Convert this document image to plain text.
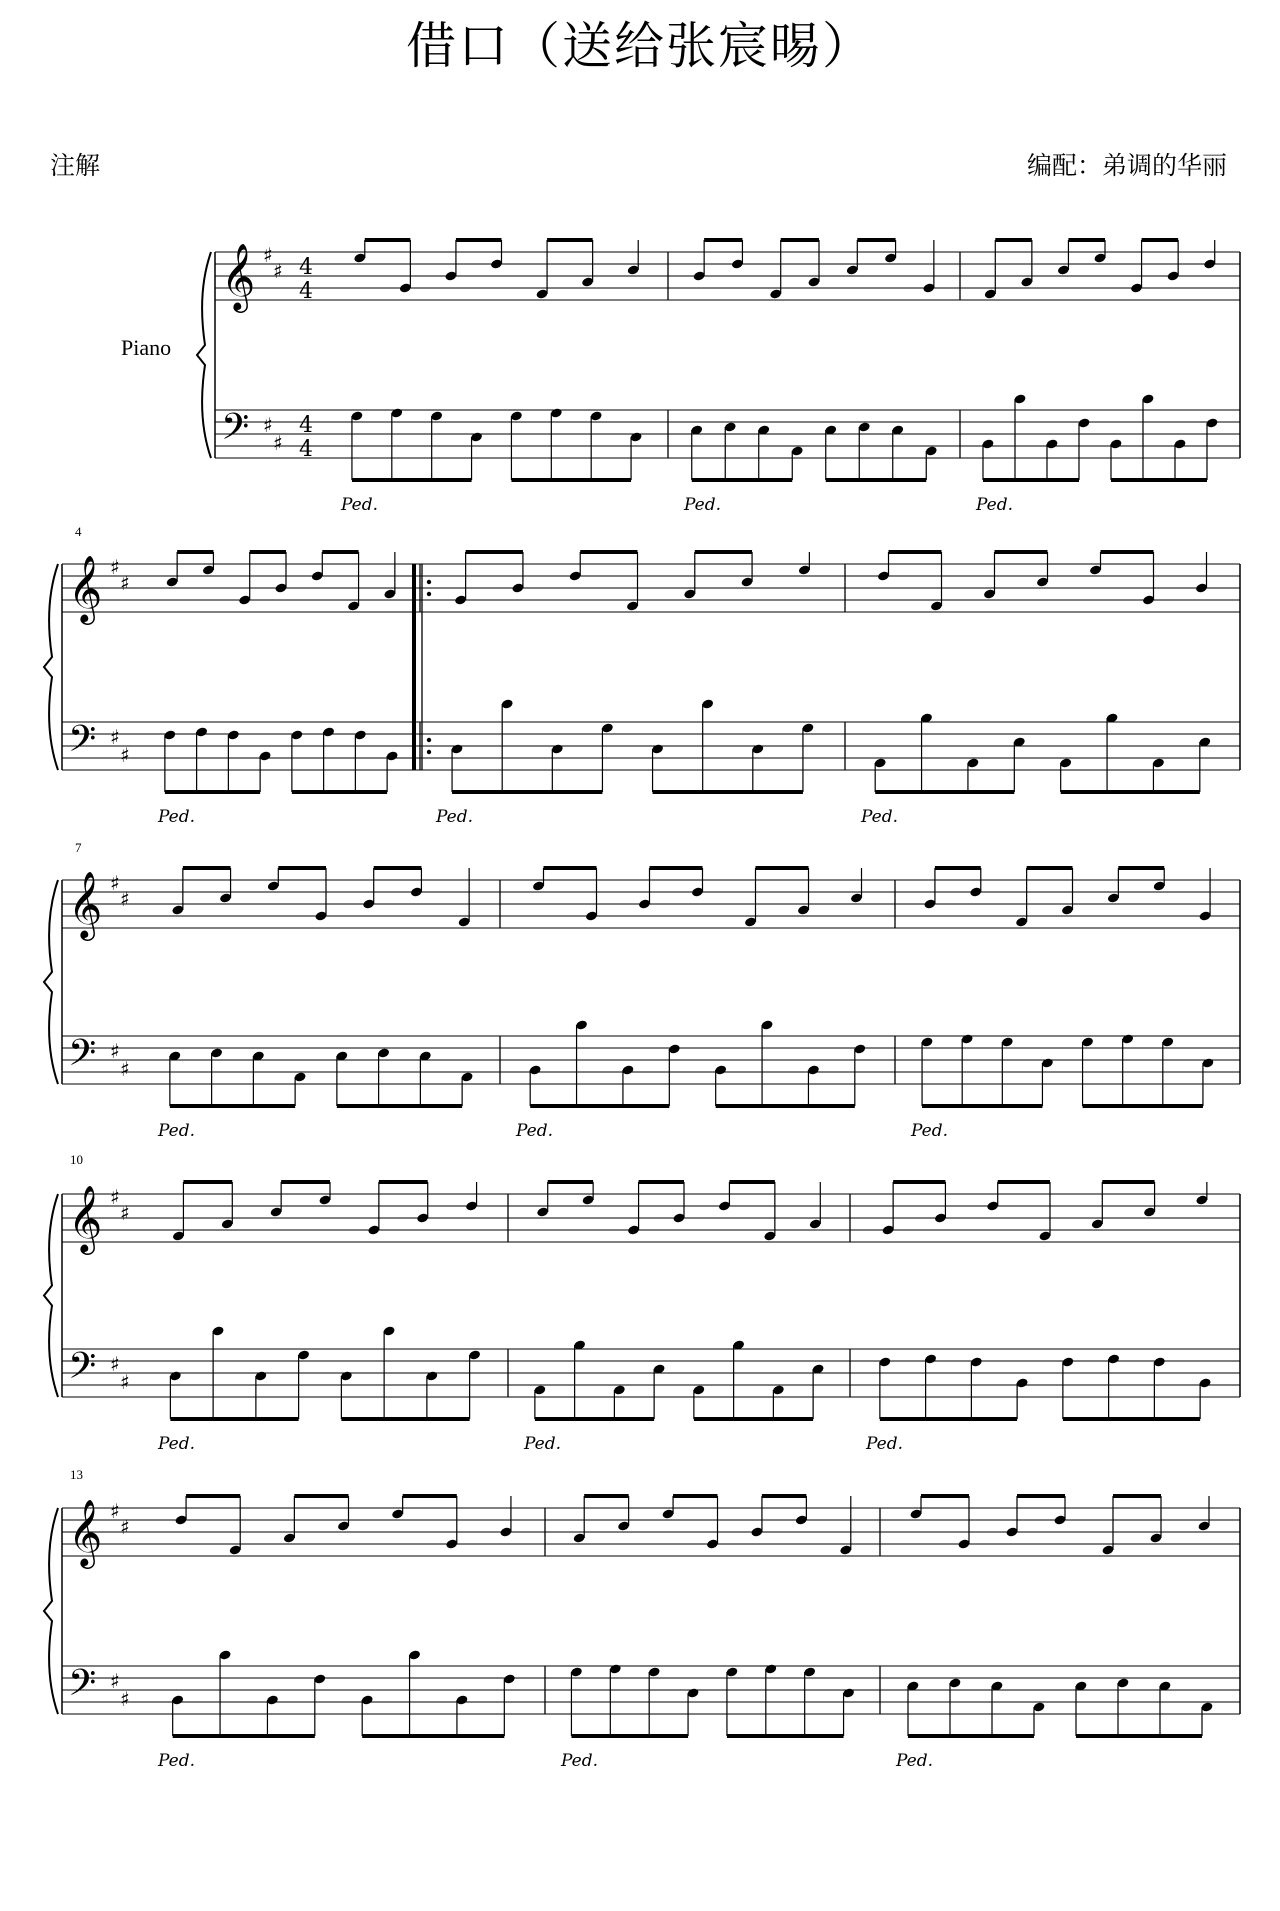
借口（送给张宸晹）
注解	编配：弟调的华丽
Piano
4
7
10
13
𝄞
𝄢
♯
♯
♯
♯
4
4
4
4
Ped.	Ped.	Ped.
𝄞
𝄢
♯
♯
♯
♯
Ped.	Ped.	Ped.
𝄞
𝄢
♯
♯
♯
♯
Ped.	Ped.	Ped.
𝄞
𝄢
♯
♯
♯
♯
Ped.	Ped.	Ped.
𝄞
𝄢
♯
♯
♯
♯
Ped.	Ped.	Ped.
